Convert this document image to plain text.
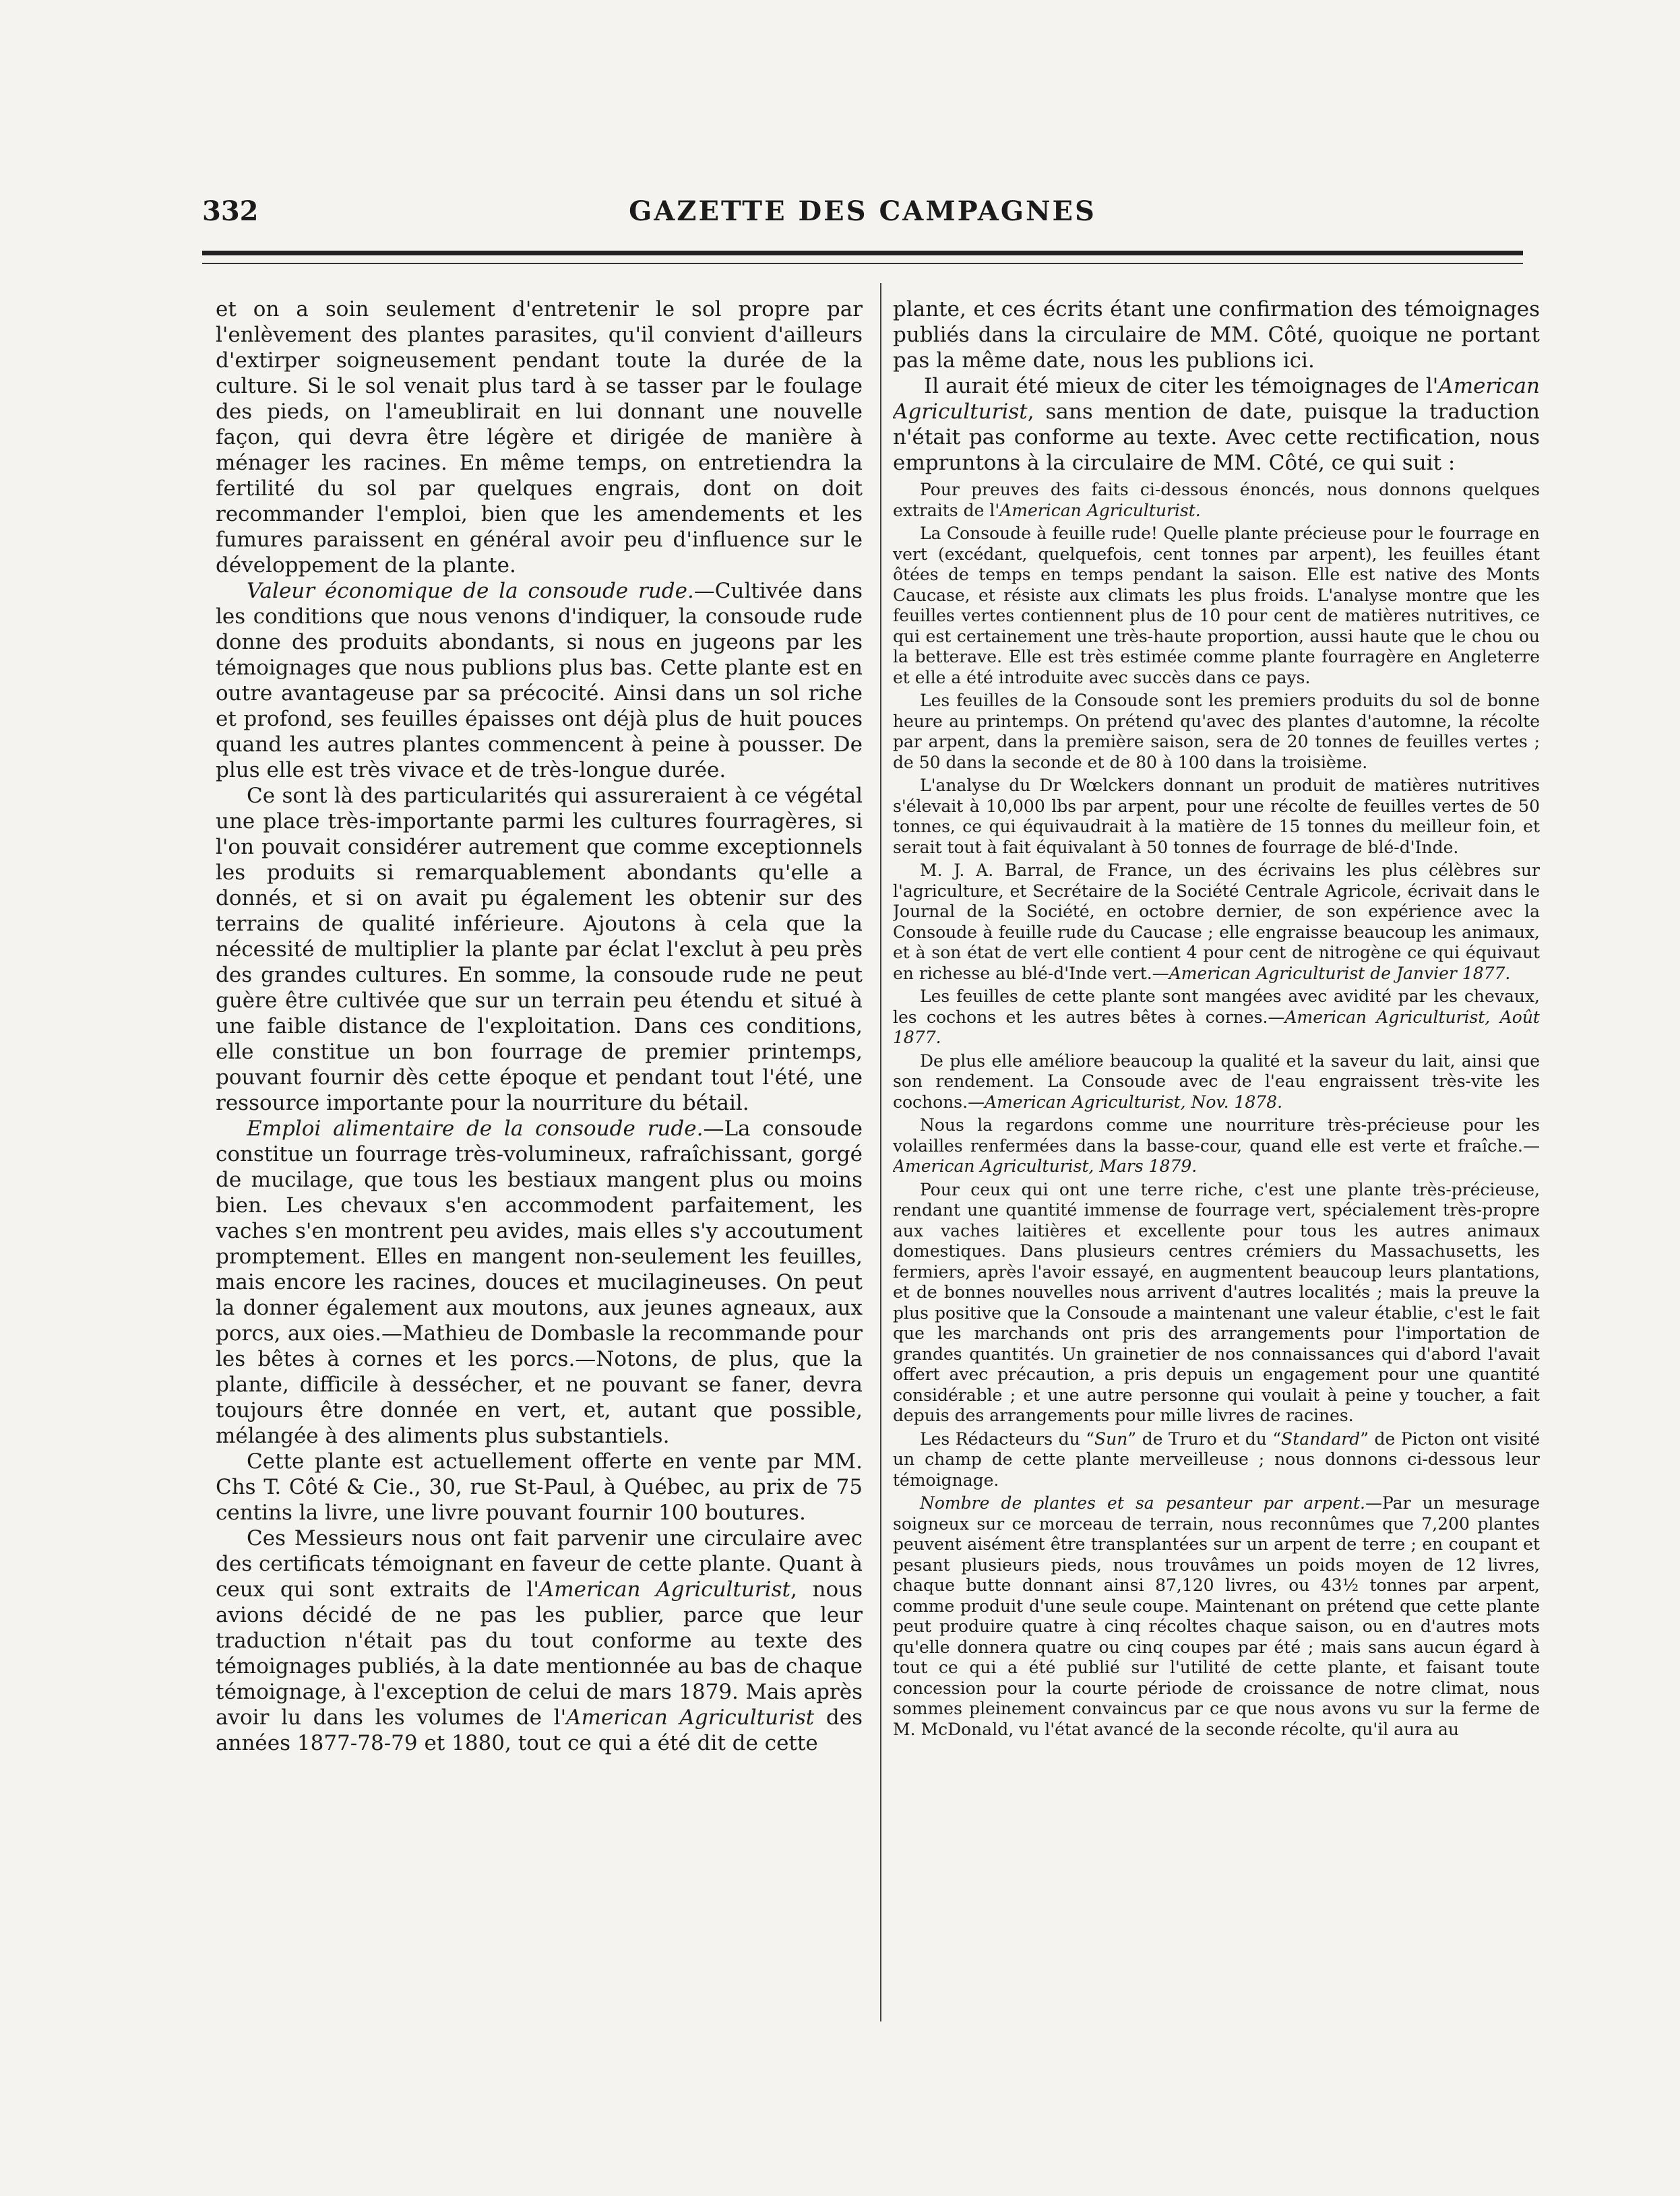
332	GAZETTE DES CAMPAGNES

et on a soin seulement d'entretenir le sol propre par l'enlèvement des plantes parasites, qu'il convient d'ailleurs d'extirper soigneusement pendant toute la durée de la culture. Si le sol venait plus tard à se tasser par le foulage des pieds, on l'ameublirait en lui donnant une nouvelle façon, qui devra être légère et dirigée de manière à ménager les racines. En même temps, on entretiendra la fertilité du sol par quelques engrais, dont on doit recommander l'emploi, bien que les amendements et les fumures paraissent en général avoir peu d'influence sur le développement de la plante.

Valeur économique de la consoude rude.—Cultivée dans les conditions que nous venons d'indiquer, la consoude rude donne des produits abondants, si nous en jugeons par les témoignages que nous publions plus bas. Cette plante est en outre avantageuse par sa précocité. Ainsi dans un sol riche et profond, ses feuilles épaisses ont déjà plus de huit pouces quand les autres plantes commencent à peine à pousser. De plus elle est très vivace et de très-longue durée.

Ce sont là des particularités qui assureraient à ce végétal une place très-importante parmi les cultures fourragères, si l'on pouvait considérer autrement que comme exceptionnels les produits si remarquablement abondants qu'elle a donnés, et si on avait pu également les obtenir sur des terrains de qualité inférieure. Ajoutons à cela que la nécessité de multiplier la plante par éclat l'exclut à peu près des grandes cultures. En somme, la consoude rude ne peut guère être cultivée que sur un terrain peu étendu et situé à une faible distance de l'exploitation. Dans ces conditions, elle constitue un bon fourrage de premier printemps, pouvant fournir dès cette époque et pendant tout l'été, une ressource importante pour la nourriture du bétail.

Emploi alimentaire de la consoude rude.—La consoude constitue un fourrage très-volumineux, rafraîchissant, gorgé de mucilage, que tous les bestiaux mangent plus ou moins bien. Les chevaux s'en accommodent parfaitement, les vaches s'en montrent peu avides, mais elles s'y accoutument promptement. Elles en mangent non-seulement les feuilles, mais encore les racines, douces et mucilagineuses. On peut la donner également aux moutons, aux jeunes agneaux, aux porcs, aux oies.—Mathieu de Dombasle la recommande pour les bêtes à cornes et les porcs.—Notons, de plus, que la plante, difficile à dessécher, et ne pouvant se faner, devra toujours être donnée en vert, et, autant que possible, mélangée à des aliments plus substantiels.

Cette plante est actuellement offerte en vente par MM. Chs T. Côté & Cie., 30, rue St-Paul, à Québec, au prix de 75 centins la livre, une livre pouvant fournir 100 boutures.

Ces Messieurs nous ont fait parvenir une circulaire avec des certificats témoignant en faveur de cette plante. Quant à ceux qui sont extraits de l'American Agriculturist, nous avions décidé de ne pas les publier, parce que leur traduction n'était pas du tout conforme au texte des témoignages publiés, à la date mentionnée au bas de chaque témoignage, à l'exception de celui de mars 1879. Mais après avoir lu dans les volumes de l'American Agriculturist des années 1877-78-79 et 1880, tout ce qui a été dit de cette

plante, et ces écrits étant une confirmation des témoignages publiés dans la circulaire de MM. Côté, quoique ne portant pas la même date, nous les publions ici.

Il aurait été mieux de citer les témoignages de l'American Agriculturist, sans mention de date, puisque la traduction n'était pas conforme au texte. Avec cette rectification, nous empruntons à la circulaire de MM. Côté, ce qui suit :

Pour preuves des faits ci-dessous énoncés, nous donnons quelques extraits de l'American Agriculturist.

La Consoude à feuille rude! Quelle plante précieuse pour le fourrage en vert (excédant, quelquefois, cent tonnes par arpent), les feuilles étant ôtées de temps en temps pendant la saison. Elle est native des Monts Caucase, et résiste aux climats les plus froids. L'analyse montre que les feuilles vertes contiennent plus de 10 pour cent de matières nutritives, ce qui est certainement une très-haute proportion, aussi haute que le chou ou la betterave. Elle est très estimée comme plante fourragère en Angleterre et elle a été introduite avec succès dans ce pays.

Les feuilles de la Consoude sont les premiers produits du sol de bonne heure au printemps. On prétend qu'avec des plantes d'automne, la récolte par arpent, dans la première saison, sera de 20 tonnes de feuilles vertes ; de 50 dans la seconde et de 80 à 100 dans la troisième.

L'analyse du Dr Wœlckers donnant un produit de matières nutritives s'élevait à 10,000 lbs par arpent, pour une récolte de feuilles vertes de 50 tonnes, ce qui équivaudrait à la matière de 15 tonnes du meilleur foin, et serait tout à fait équivalant à 50 tonnes de fourrage de blé-d'Inde.

M. J. A. Barral, de France, un des écrivains les plus célèbres sur l'agriculture, et Secrétaire de la Société Centrale Agricole, écrivait dans le Journal de la Société, en octobre dernier, de son expérience avec la Consoude à feuille rude du Caucase ; elle engraisse beaucoup les animaux, et à son état de vert elle contient 4 pour cent de nitrogène ce qui équivaut en richesse au blé-d'Inde vert.—American Agriculturist de Janvier 1877.

Les feuilles de cette plante sont mangées avec avidité par les chevaux, les cochons et les autres bêtes à cornes.—American Agriculturist, Août 1877.

De plus elle améliore beaucoup la qualité et la saveur du lait, ainsi que son rendement. La Consoude avec de l'eau engraissent très-vite les cochons.—American Agriculturist, Nov. 1878.

Nous la regardons comme une nourriture très-précieuse pour les volailles renfermées dans la basse-cour, quand elle est verte et fraîche.—American Agriculturist, Mars 1879.

Pour ceux qui ont une terre riche, c'est une plante très-précieuse, rendant une quantité immense de fourrage vert, spécialement très-propre aux vaches laitières et excellente pour tous les autres animaux domestiques. Dans plusieurs centres crémiers du Massachusetts, les fermiers, après l'avoir essayé, en augmentent beaucoup leurs plantations, et de bonnes nouvelles nous arrivent d'autres localités ; mais la preuve la plus positive que la Consoude a maintenant une valeur établie, c'est le fait que les marchands ont pris des arrangements pour l'importation de grandes quantités. Un grainetier de nos connaissances qui d'abord l'avait offert avec précaution, a pris depuis un engagement pour une quantité considérable ; et une autre personne qui voulait à peine y toucher, a fait depuis des arrangements pour mille livres de racines.

Les Rédacteurs du “Sun” de Truro et du “Standard” de Picton ont visité un champ de cette plante merveilleuse ; nous donnons ci-dessous leur témoignage.

Nombre de plantes et sa pesanteur par arpent.—Par un mesurage soigneux sur ce morceau de terrain, nous reconnûmes que 7,200 plantes peuvent aisément être transplantées sur un arpent de terre ; en coupant et pesant plusieurs pieds, nous trouvâmes un poids moyen de 12 livres, chaque butte donnant ainsi 87,120 livres, ou 43½ tonnes par arpent, comme produit d'une seule coupe. Maintenant on prétend que cette plante peut produire quatre à cinq récoltes chaque saison, ou en d'autres mots qu'elle donnera quatre ou cinq coupes par été ; mais sans aucun égard à tout ce qui a été publié sur l'utilité de cette plante, et faisant toute concession pour la courte période de croissance de notre climat, nous sommes pleinement convaincus par ce que nous avons vu sur la ferme de M. McDonald, vu l'état avancé de la seconde récolte, qu'il aura au
